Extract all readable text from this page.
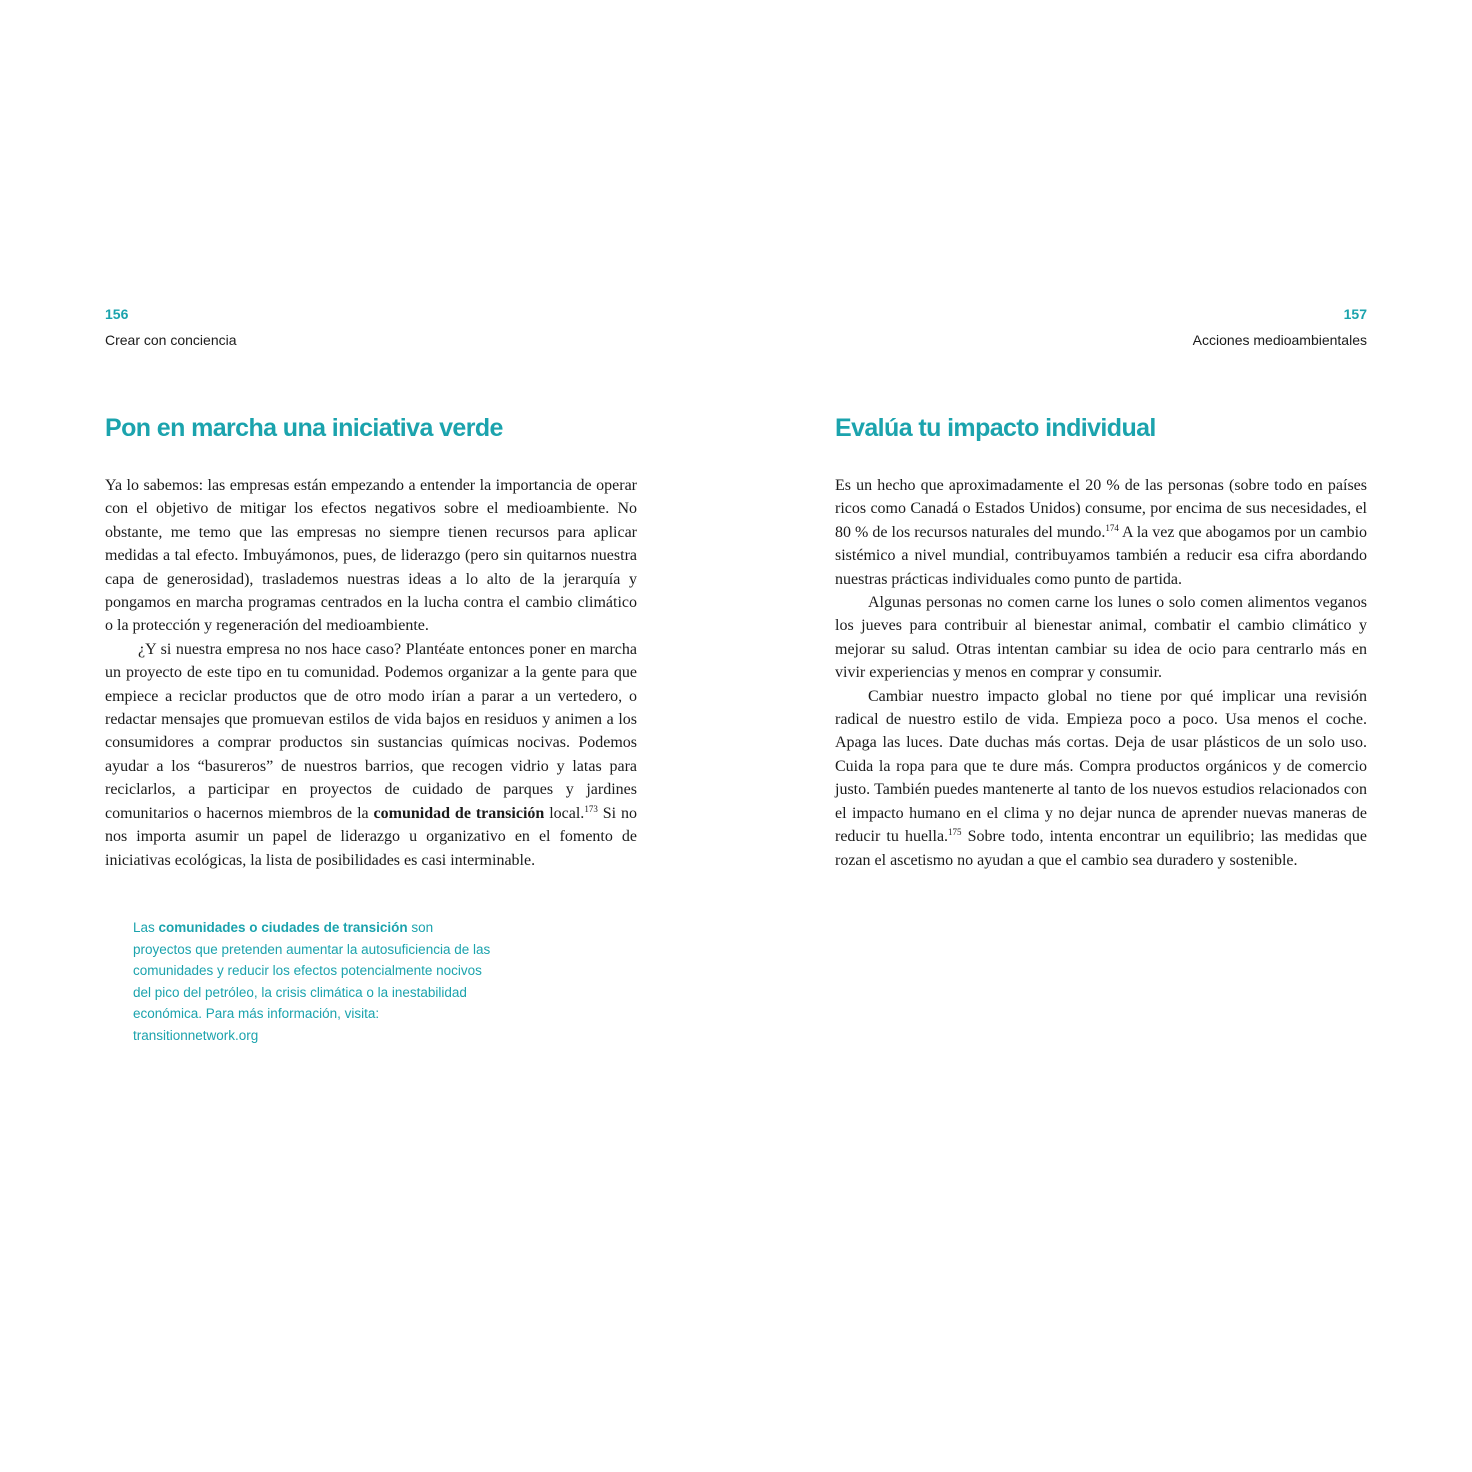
156
Crear con conciencia
Pon en marcha una iniciativa verde

Ya lo sabemos: las empresas están empezando a entender la importancia de operar con el objetivo de mitigar los efectos negativos sobre el medioambiente. No obstante, me temo que las empresas no siempre tienen recursos para aplicar medidas a tal efecto. Imbuyámonos, pues, de liderazgo (pero sin quitarnos nuestra capa de generosidad), traslademos nuestras ideas a lo alto de la jerarquía y pongamos en marcha programas centrados en la lucha contra el cambio climático o la protección y regeneración del medioambiente.

¿Y si nuestra empresa no nos hace caso? Plantéate entonces poner en marcha un proyecto de este tipo en tu comunidad. Podemos organizar a la gente para que empiece a reciclar productos que de otro modo irían a parar a un vertedero, o redactar mensajes que promuevan estilos de vida bajos en residuos y animen a los consumidores a comprar productos sin sustancias químicas nocivas. Podemos ayudar a los “basureros” de nuestros barrios, que recogen vidrio y latas para reciclarlos, a participar en proyectos de cuidado de parques y jardines comunitarios o hacernos miembros de la comunidad de transición local.$^{173}$ Si no nos importa asumir un papel de liderazgo u organizativo en el fomento de iniciativas ecológicas, la lista de posibilidades es casi interminable.

Las comunidades o ciudades de transición son proyectos que pretenden aumentar la autosuficiencia de las comunidades y reducir los efectos potencialmente nocivos del pico del petróleo, la crisis climática o la inestabilidad económica. Para más información, visita: transitionnetwork.org

157
Acciones medioambientales
Evalúa tu impacto individual

Es un hecho que aproximadamente el 20 % de las personas (sobre todo en países ricos como Canadá o Estados Unidos) consume, por encima de sus necesidades, el 80 % de los recursos naturales del mundo.$^{174}$ A la vez que abogamos por un cambio sistémico a nivel mundial, contribuyamos también a reducir esa cifra abordando nuestras prácticas individuales como punto de partida.

Algunas personas no comen carne los lunes o solo comen alimentos veganos los jueves para contribuir al bienestar animal, combatir el cambio climático y mejorar su salud. Otras intentan cambiar su idea de ocio para centrarlo más en vivir experiencias y menos en comprar y consumir.

Cambiar nuestro impacto global no tiene por qué implicar una revisión radical de nuestro estilo de vida. Empieza poco a poco. Usa menos el coche. Apaga las luces. Date duchas más cortas. Deja de usar plásticos de un solo uso. Cuida la ropa para que te dure más. Compra productos orgánicos y de comercio justo. También puedes mantenerte al tanto de los nuevos estudios relacionados con el impacto humano en el clima y no dejar nunca de aprender nuevas maneras de reducir tu huella.$^{175}$ Sobre todo, intenta encontrar un equilibrio; las medidas que rozan el ascetismo no ayudan a que el cambio sea duradero y sostenible.
